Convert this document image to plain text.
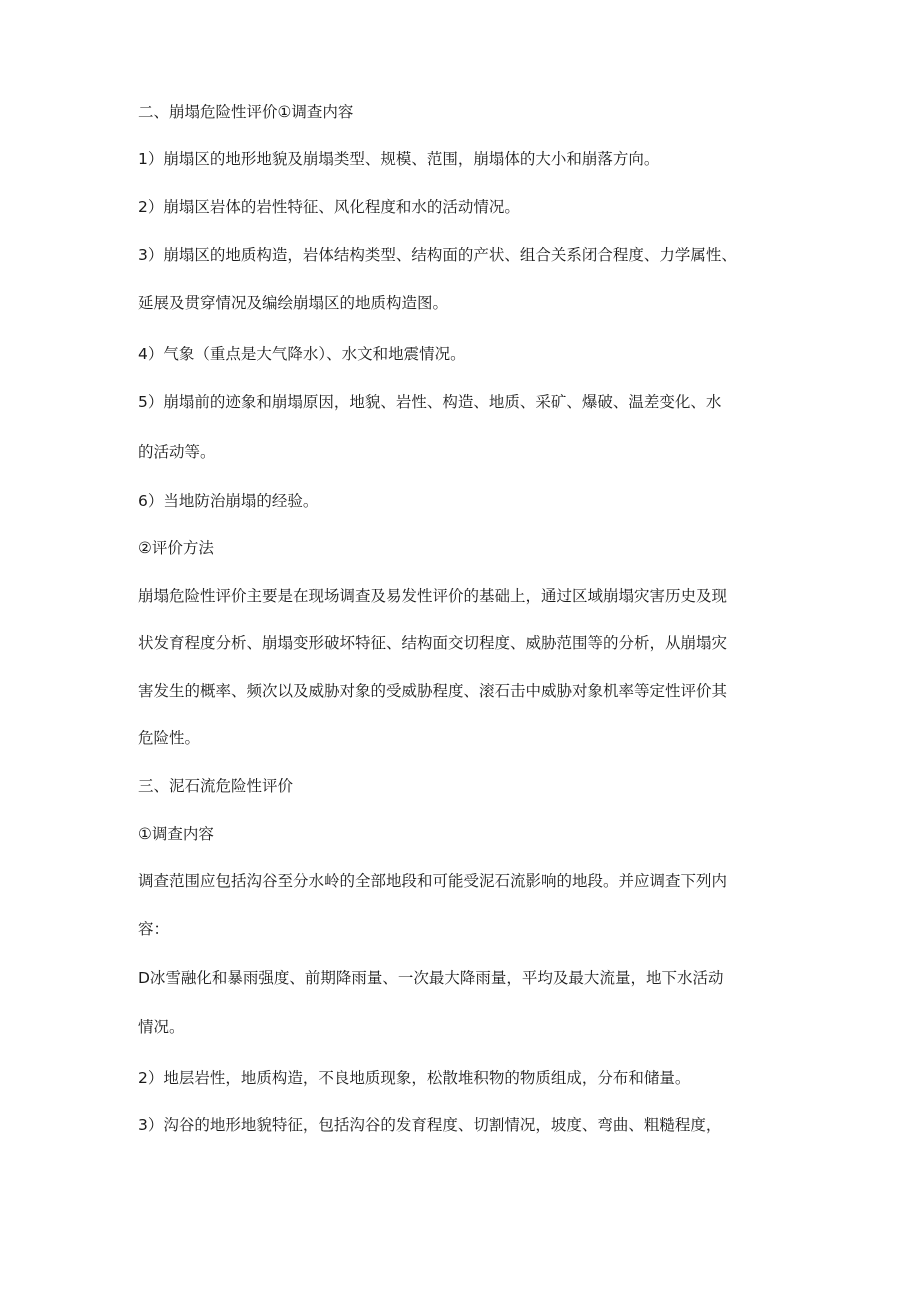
二、崩塌危险性评价①调查内容
1）崩塌区的地形地貌及崩塌类型、规模、范围，崩塌体的大小和崩落方向。
2）崩塌区岩体的岩性特征、风化程度和水的活动情况。
3）崩塌区的地质构造，岩体结构类型、结构面的产状、组合关系闭合程度、力学属性、
延展及贯穿情况及编绘崩塌区的地质构造图。
4）气象（重点是大气降水）、水文和地震情况。
5）崩塌前的迹象和崩塌原因，地貌、岩性、构造、地质、采矿、爆破、温差变化、水
的活动等。
6）当地防治崩塌的经验。
②评价方法
崩塌危险性评价主要是在现场调查及易发性评价的基础上，通过区域崩塌灾害历史及现
状发育程度分析、崩塌变形破坏特征、结构面交切程度、威胁范围等的分析，从崩塌灾
害发生的概率、频次以及威胁对象的受威胁程度、滚石击中威胁对象机率等定性评价其
危险性。
三、泥石流危险性评价
①调查内容
调查范围应包括沟谷至分水岭的全部地段和可能受泥石流影响的地段。并应调查下列内
容：
D冰雪融化和暴雨强度、前期降雨量、一次最大降雨量，平均及最大流量，地下水活动
情况。
2）地层岩性，地质构造，不良地质现象，松散堆积物的物质组成，分布和储量。
3）沟谷的地形地貌特征，包括沟谷的发育程度、切割情况，坡度、弯曲、粗糙程度，
